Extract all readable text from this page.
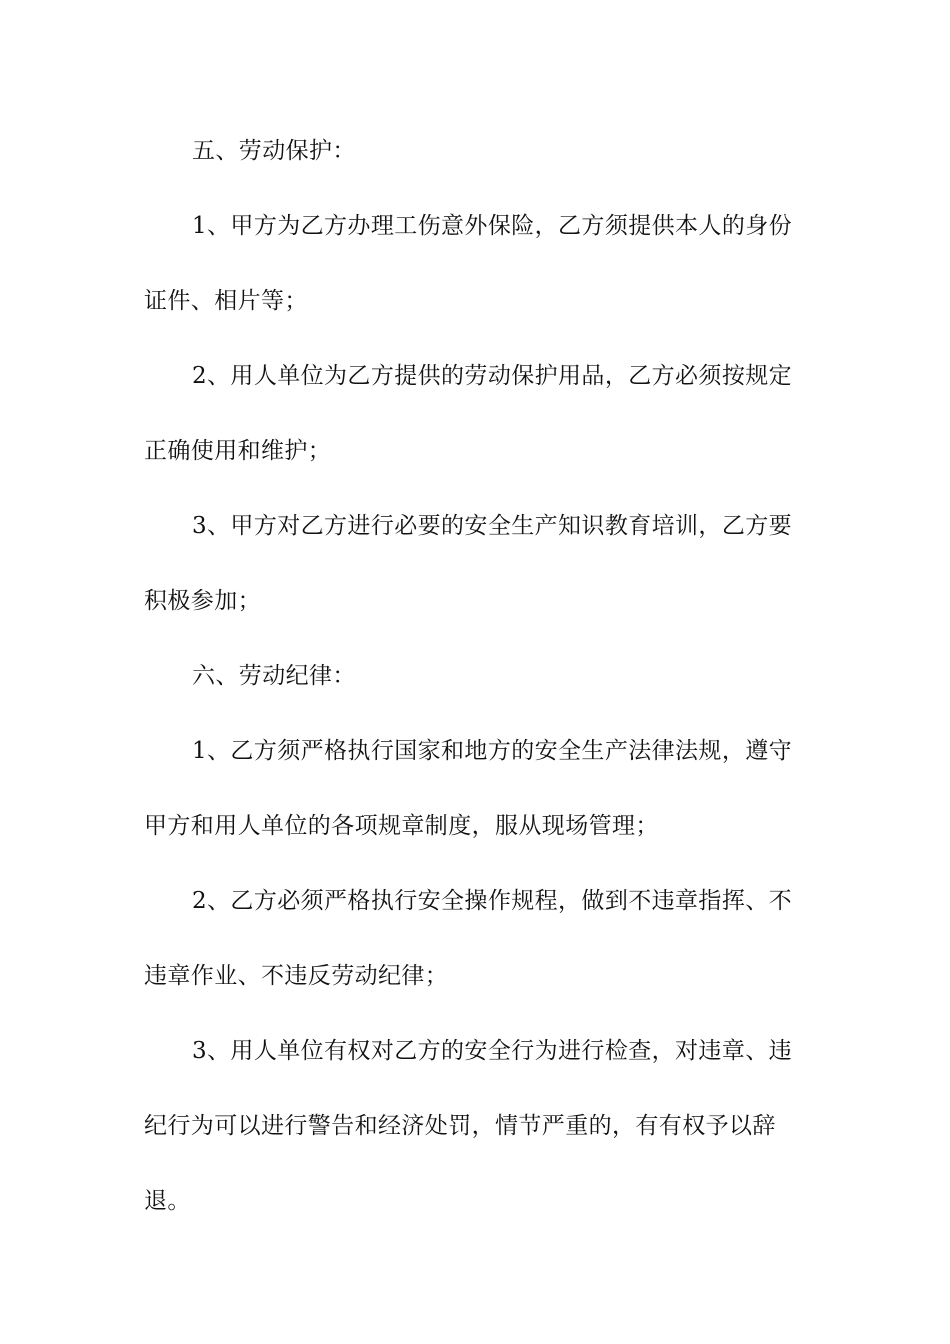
五、劳动保护：
1、甲方为乙方办理工伤意外保险，乙方须提供本人的身份
证件、相片等；
2、用人单位为乙方提供的劳动保护用品，乙方必须按规定
正确使用和维护；
3、甲方对乙方进行必要的安全生产知识教育培训，乙方要
积极参加；
六、劳动纪律：
1、乙方须严格执行国家和地方的安全生产法律法规，遵守
甲方和用人单位的各项规章制度，服从现场管理；
2、乙方必须严格执行安全操作规程，做到不违章指挥、不
违章作业、不违反劳动纪律；
3、用人单位有权对乙方的安全行为进行检查，对违章、违
纪行为可以进行警告和经济处罚，情节严重的，有有权予以辞
退。
